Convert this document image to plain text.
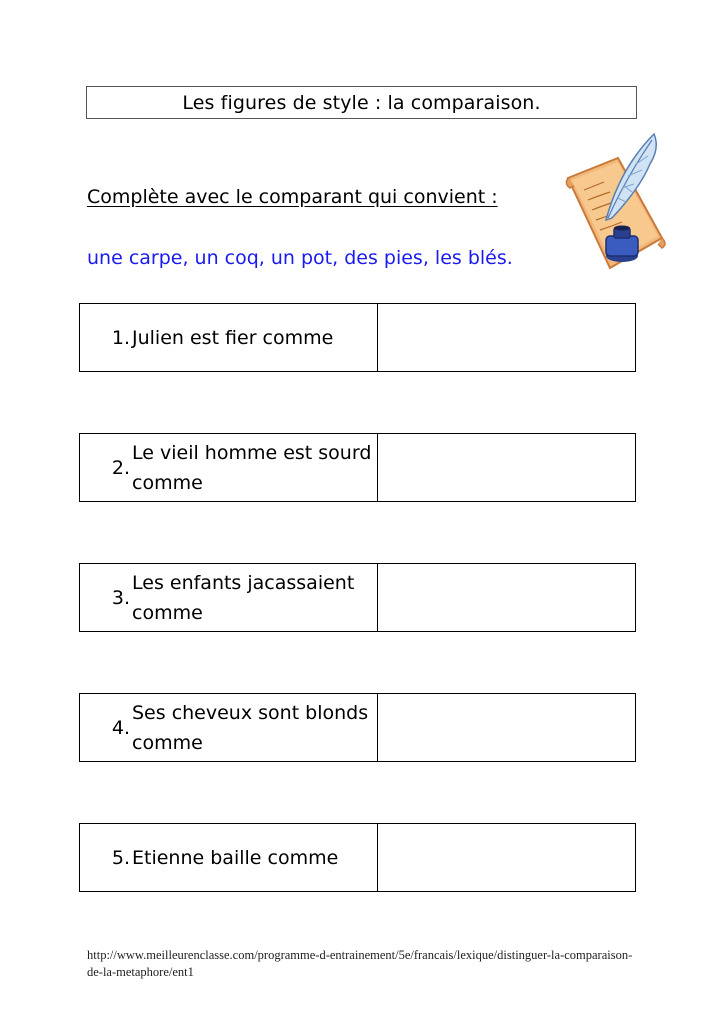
Les figures de style : la comparaison.
Complète avec le comparant qui convient :
une carpe, un coq, un pot, des pies, les blés.
1. Julien est fier comme
2.
Le vieil homme est sourd comme
3.
Les enfants jacassaient comme
4.
Ses cheveux sont blonds comme
5. Etienne baille comme
http://www.meilleurenclasse.com/programme-d-entrainement/5e/francais/lexique/distinguer-la-comparaison-de-la-metaphore/ent1
